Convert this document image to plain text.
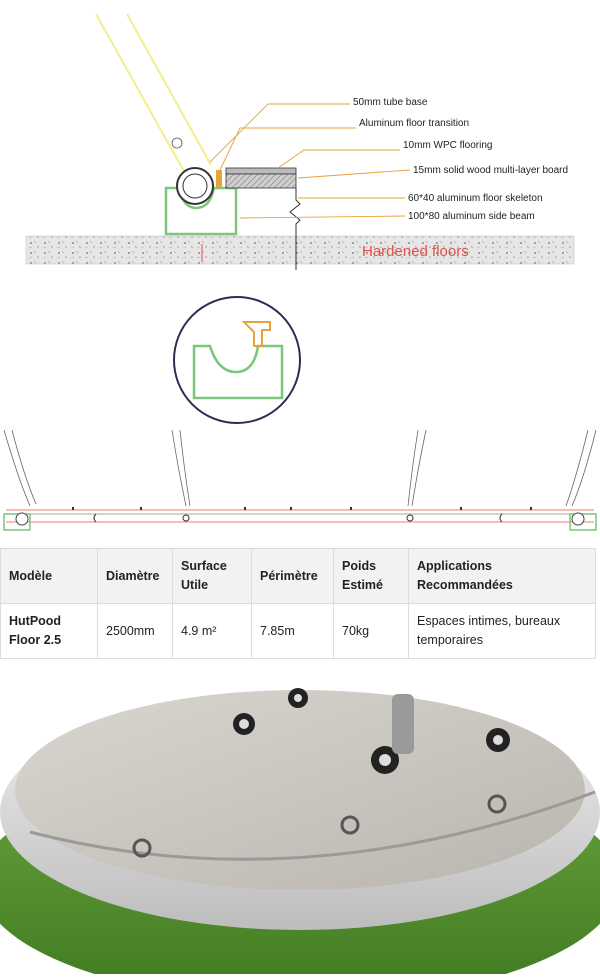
Hardened floors
50mm tube base
Aluminum floor transition
10mm WPC flooring
15mm solid wood multi-layer board
60*40 aluminum floor skeleton
100*80 aluminum side beam
Modèle	Diamètre	Surface Utile	Périmètre	Poids Estimé	Applications Recommandées
HutPood Floor 2.5	2500mm	4.9 m²	7.85m	70kg	Espaces intimes, bureaux temporaires
